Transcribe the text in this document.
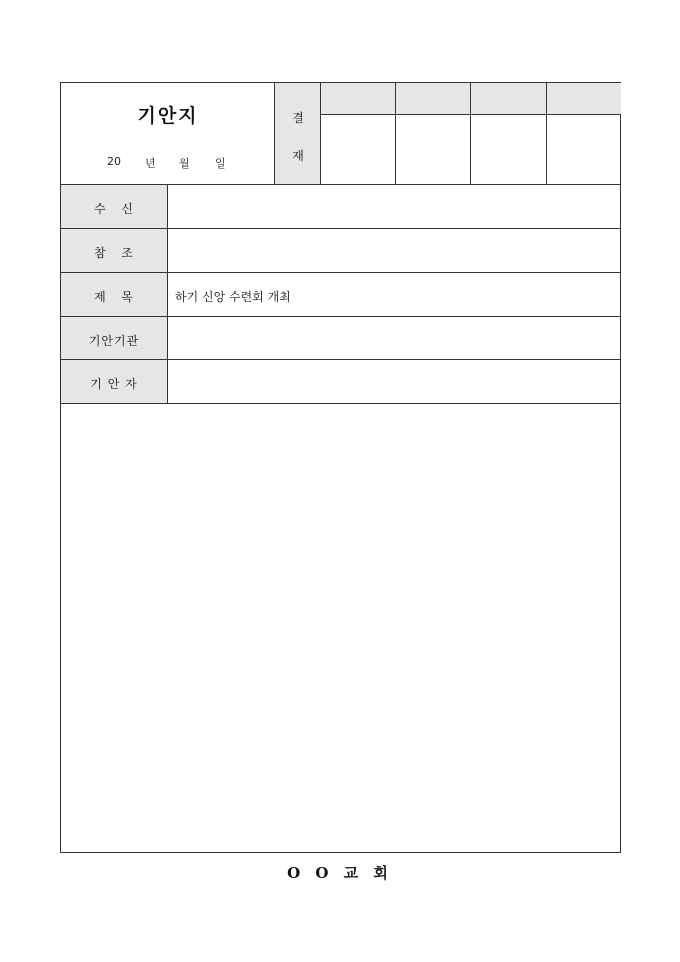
기안지
20 년 월 일
결
재
수   신
참   조
제   목	하기 신앙 수련회 개최
기안기관
기 안 자
O O 교 회
